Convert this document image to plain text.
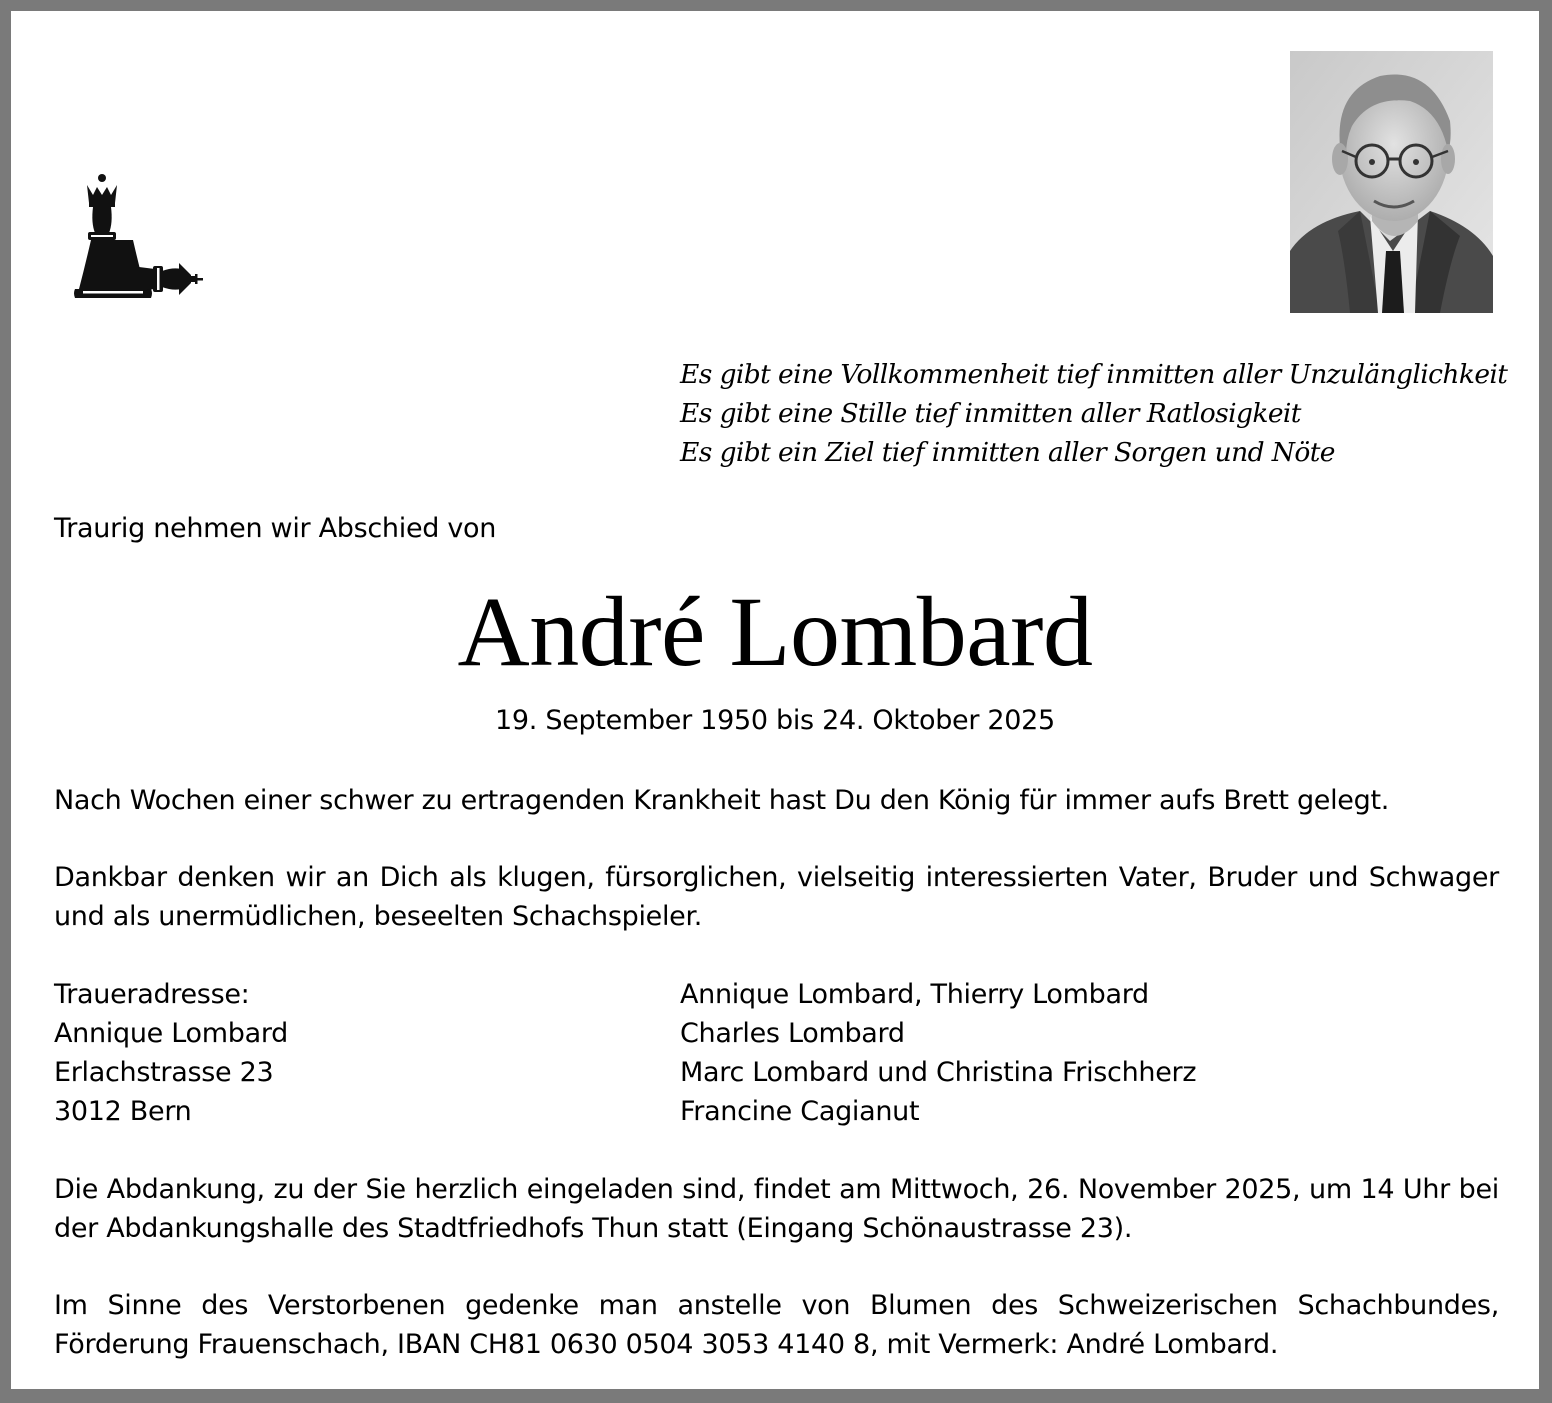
Es gibt eine Vollkommenheit tief inmitten aller Unzulänglichkeit
Es gibt eine Stille tief inmitten aller Ratlosigkeit
Es gibt ein Ziel tief inmitten aller Sorgen und Nöte
Traurig nehmen wir Abschied von
André Lombard
19. September 1950 bis 24. Oktober 2025
Nach Wochen einer schwer zu ertragenden Krankheit hast Du den König für immer aufs Brett gelegt.
Dankbar denken wir an Dich als klugen, fürsorglichen, vielseitig interessierten Vater, Bruder und Schwager und als unermüdlichen, beseelten Schachspieler.
Traueradresse:
Annique Lombard
Erlachstrasse 23
3012 Bern
Annique Lombard, Thierry Lombard
Charles Lombard
Marc Lombard und Christina Frischherz
Francine Cagianut
Die Abdankung, zu der Sie herzlich eingeladen sind, findet am Mittwoch, 26. November 2025, um 14 Uhr bei der Abdankungshalle des Stadtfriedhofs Thun statt (Eingang Schönaustrasse 23).
Im Sinne des Verstorbenen gedenke man anstelle von Blumen des Schweizerischen Schachbundes, Förderung Frauenschach, IBAN CH81 0630 0504 3053 4140 8, mit Vermerk: André Lombard.
